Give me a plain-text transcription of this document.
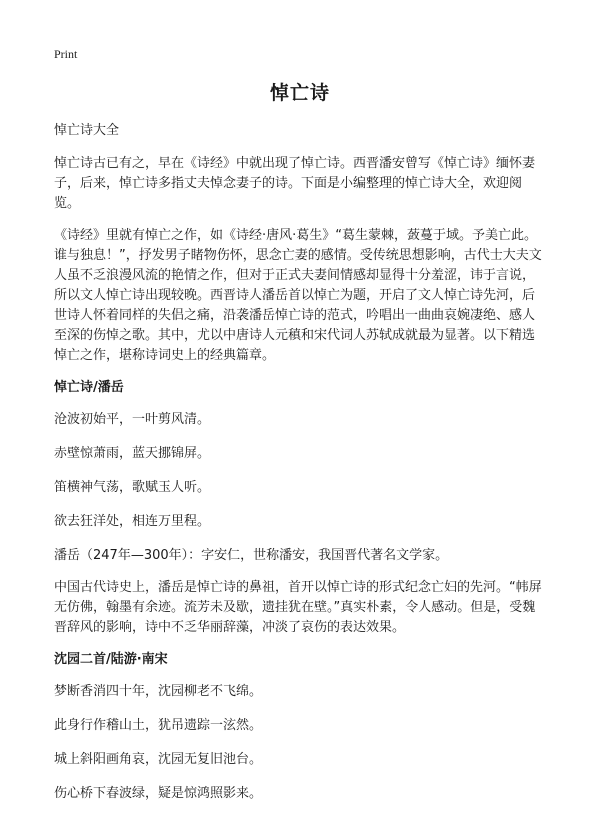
Print
悼亡诗

悼亡诗大全

悼亡诗古已有之，早在《诗经》中就出现了悼亡诗。西晋潘安曾写《悼亡诗》缅怀妻子，后来，悼亡诗多指丈夫悼念妻子的诗。下面是小编整理的悼亡诗大全，欢迎阅览。

《诗经》里就有悼亡之作，如《诗经·唐风·葛生》“葛生蒙棘，蔹蔓于域。予美亡此。谁与独息！”，抒发男子睹物伤怀，思念亡妻的感情。受传统思想影响，古代士大夫文人虽不乏浪漫风流的艳情之作，但对于正式夫妻间情感却显得十分羞涩，讳于言说，所以文人悼亡诗出现较晚。西晋诗人潘岳首以悼亡为题，开启了文人悼亡诗先河，后世诗人怀着同样的失侣之痛，沿袭潘岳悼亡诗的范式，吟唱出一曲曲哀婉凄绝、感人至深的伤悼之歌。其中，尤以中唐诗人元稹和宋代词人苏轼成就最为显著。以下精选悼亡之作，堪称诗词史上的经典篇章。

悼亡诗/潘岳

沧波初始平，一叶剪风清。

赤壁惊萧雨，蓝天挪锦屏。

笛横神气荡，歌赋玉人听。

欲去狂洋处，相连万里程。

潘岳（247年—300年）：字安仁，世称潘安，我国晋代著名文学家。

中国古代诗史上，潘岳是悼亡诗的鼻祖，首开以悼亡诗的形式纪念亡妇的先河。“帏屏无仿佛，翰墨有余迹。流芳未及歇，遗挂犹在壁。”真实朴素，令人感动。但是，受魏晋辞风的影响，诗中不乏华丽辞藻，冲淡了哀伤的表达效果。

沈园二首/陆游·南宋

梦断香消四十年，沈园柳老不飞绵。

此身行作稽山土，犹吊遗踪一泫然。

城上斜阳画角哀，沈园无复旧池台。

伤心桥下春波绿，疑是惊鸿照影来。
